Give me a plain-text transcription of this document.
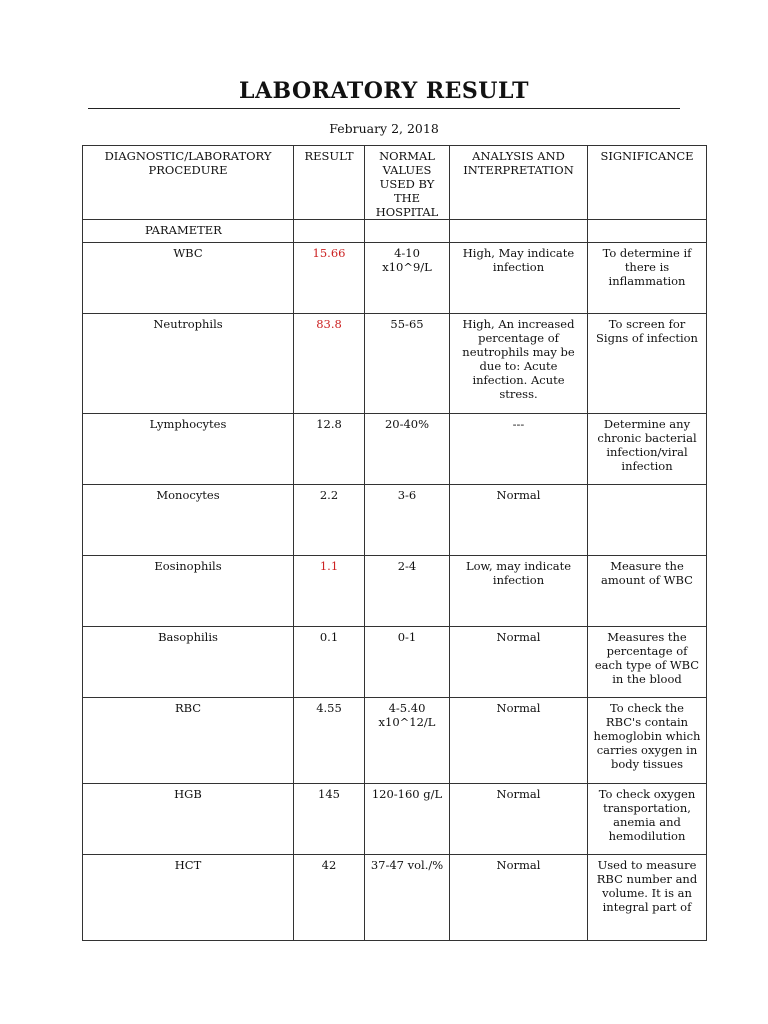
LABORATORY RESULT
February 2, 2018
DIAGNOSTIC/LABORATORY PROCEDURE	RESULT	NORMAL VALUES USED BY THE HOSPITAL	ANALYSIS AND INTERPRETATION	SIGNIFICANCE
PARAMETER				
WBC	15.66	4-10 x10^9/L	High, May indicate infection	To determine if there is inflammation
Neutrophils	83.8	55-65	High, An increased percentage of neutrophils may be due to: Acute infection. Acute stress.	To screen for Signs of infection
Lymphocytes	12.8	20-40%	---	Determine any chronic bacterial infection/viral infection
Monocytes	2.2	3-6	Normal	
Eosinophils	1.1	2-4	Low, may indicate infection	Measure the amount of WBC
Basophilis	0.1	0-1	Normal	Measures the percentage of each type of WBC in the blood
RBC	4.55	4-5.40 x10^12/L	Normal	To check the RBC's contain hemoglobin which carries oxygen in body tissues
HGB	145	120-160 g/L	Normal	To check oxygen transportation, anemia and hemodilution
HCT	42	37-47 vol./%	Normal	Used to measure RBC number and volume. It is an integral part of
